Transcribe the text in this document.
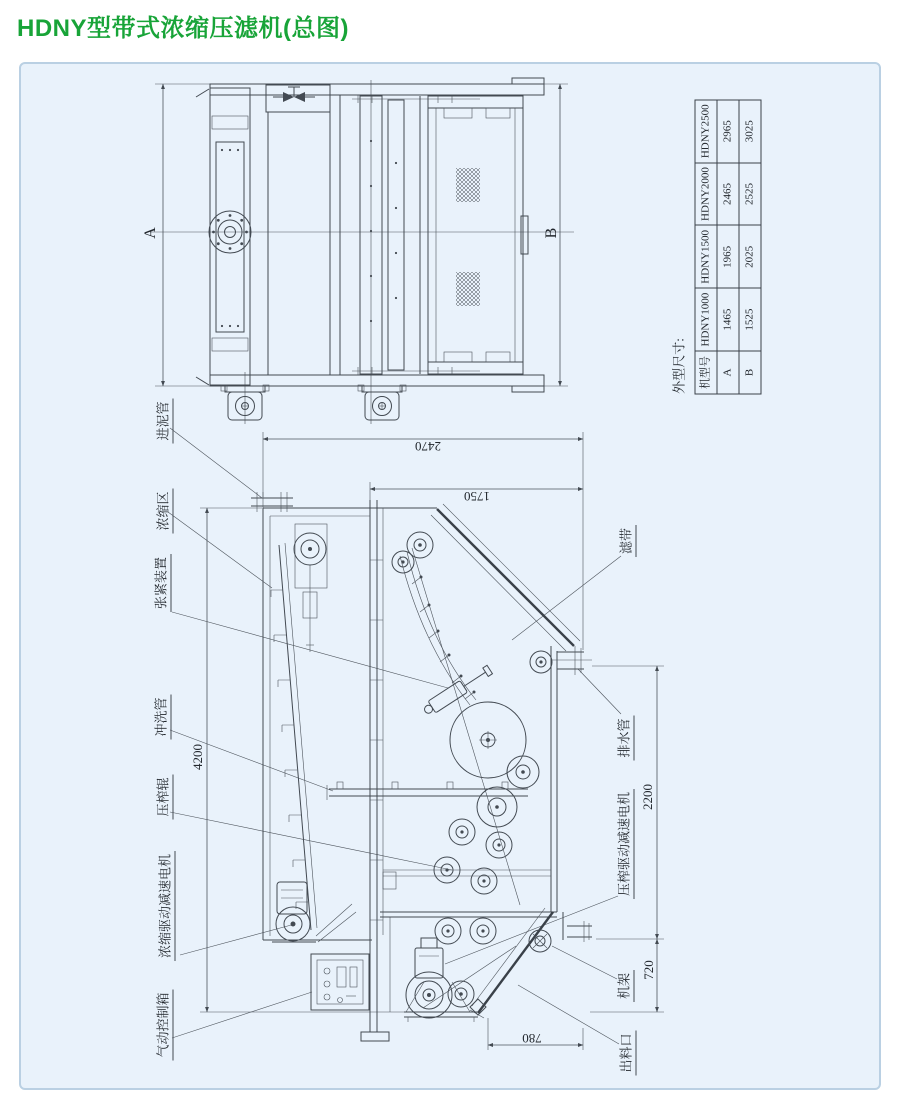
HDNY型带式浓缩压滤机(总图)
A	B
2470
1750
4200
2200
720
780
进泥管
浓缩区
张紧装置
冲洗管
压榨辊
浓缩驱动减速电机
气动控制箱
滤带
排水管
压榨驱动减速电机
机架
出料口
外型尺寸: 机型号	HDNY1000	HDNY1500	HDNY2000	HDNY2500
A	1465	1965	2465	2965
B	1525	2025	2525	3025
